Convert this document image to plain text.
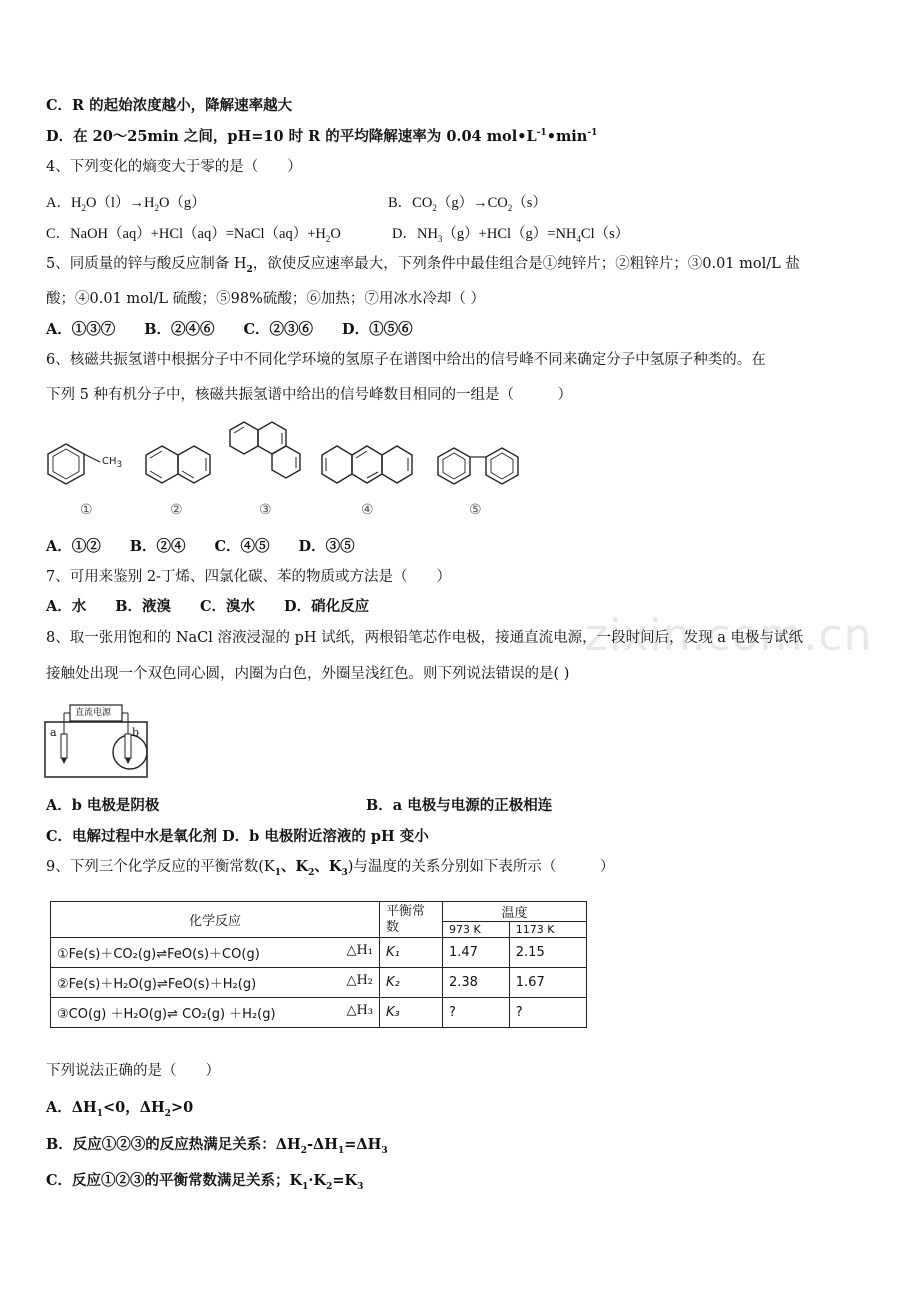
zixin.com.cn
C．R 的起始浓度越小，降解速率越大
D．在 20～25min 之间，pH=10 时 R 的平均降解速率为 0.04 $mol•L^{-1}•\min^{-1}$
4、下列变化的熵变大于零的是（　　）
A．$H_2O(l)\to H_2O(g)$	B．$CO_2(g)\to CO_2(s)$
C．$NaOH(aq)+HCl(aq)=NaCl(aq)+H_2O$	D．$NH_3(g)+HCl(g)=NH_4Cl(s)$
5、同质量的锌与酸反应制备 $H_2$，欲使反应速率最大，下列条件中最佳组合是①纯锌片；②粗锌片；③0.01 mol/L 盐
酸；④0.01 mol/L 硫酸；⑤98%硫酸；⑥加热；⑦用冰水冷却（ ）
A．①③⑦　　B．②④⑥　　C．②③⑥　　D．①⑤⑥
6、核磁共振氢谱中根据分子中不同化学环境的氢原子在谱图中给出的信号峰不同来确定分子中氢原子种类的。在
下列 5 种有机分子中，核磁共振氢谱中给出的信号峰数目相同的一组是（　　　）
$CH_3$
①	②	③	④	⑤
A．①②　　B．②④　　C．④⑤　　D．③⑤
7、可用来鉴别 2-丁烯、四氯化碳、苯的物质或方法是（　　）
A．水　　B．液溴　　C．溴水　　D．硝化反应
8、取一张用饱和的 NaCl 溶液浸湿的 pH 试纸，两根铅笔芯作电极，接通直流电源，一段时间后，发现 a 电极与试纸
接触处出现一个双色同心圆，内圈为白色，外圈呈浅红色。则下列说法错误的是( )
直流电源
a	b
A．b 电极是阴极	B．a 电极与电源的正极相连
C．电解过程中水是氧化剂 D．b 电极附近溶液的 pH 变小
9、下列三个化学反应的平衡常数($K_1$、$K_2$、$K_3$)与温度的关系分别如下表所示（　　　）
化学反应	平衡常数	温度	
		973 K	1173 K
①Fe(s)＋CO₂(g)⇌FeO(s)＋CO(g) △H₁	K₁	1.47	2.15
②Fe(s)＋H₂O(g)⇌FeO(s)＋H₂(g) △H₂	K₂	2.38	1.67
③CO(g) ＋H₂O(g)⇌ CO₂(g) ＋H₂(g) △H₃	K₃	?	?
下列说法正确的是（　　）
A．$\Delta H_1<0$，$\Delta H_2>0$
B．反应①②③的反应热满足关系：$\Delta H_2-\Delta H_1=\Delta H_3$
C．反应①②③的平衡常数满足关系；$K_1\cdot K_2=K_3$
